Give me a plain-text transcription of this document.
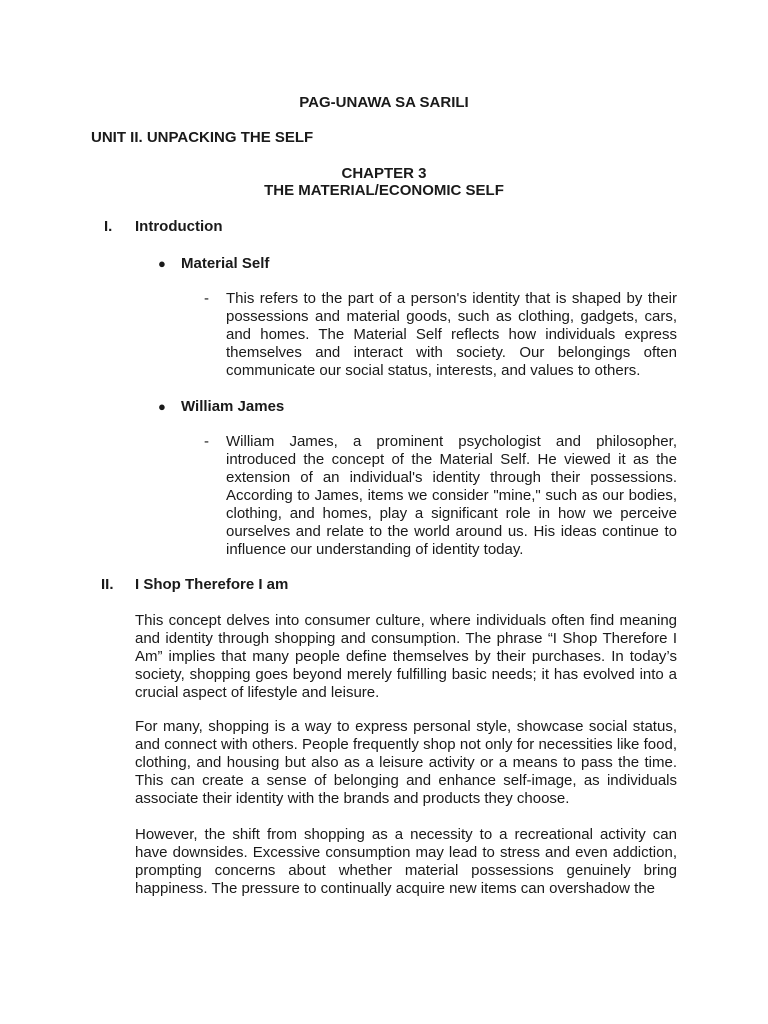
PAG-UNAWA SA SARILI
UNIT II. UNPACKING THE SELF
CHAPTER 3
THE MATERIAL/ECONOMIC SELF
I.	Introduction
●	Material Self
- This refers to the part of a person's identity that is shaped by their possessions and material goods, such as clothing, gadgets, cars, and homes. The Material Self reflects how individuals express themselves and interact with society. Our belongings often communicate our social status, interests, and values to others.
●	William James
- William James, a prominent psychologist and philosopher, introduced the concept of the Material Self. He viewed it as the extension of an individual's identity through their possessions. According to James, items we consider "mine," such as our bodies, clothing, and homes, play a significant role in how we perceive ourselves and relate to the world around us. His ideas continue to influence our understanding of identity today.
II.	I Shop Therefore I am
This concept delves into consumer culture, where individuals often find meaning and identity through shopping and consumption. The phrase “I Shop Therefore I Am” implies that many people define themselves by their purchases. In today’s society, shopping goes beyond merely fulfilling basic needs; it has evolved into a crucial aspect of lifestyle and leisure.
For many, shopping is a way to express personal style, showcase social status, and connect with others. People frequently shop not only for necessities like food, clothing, and housing but also as a leisure activity or a means to pass the time. This can create a sense of belonging and enhance self-image, as individuals associate their identity with the brands and products they choose.
However, the shift from shopping as a necessity to a recreational activity can have downsides. Excessive consumption may lead to stress and even addiction, prompting concerns about whether material possessions genuinely bring happiness. The pressure to continually acquire new items can overshadow the
